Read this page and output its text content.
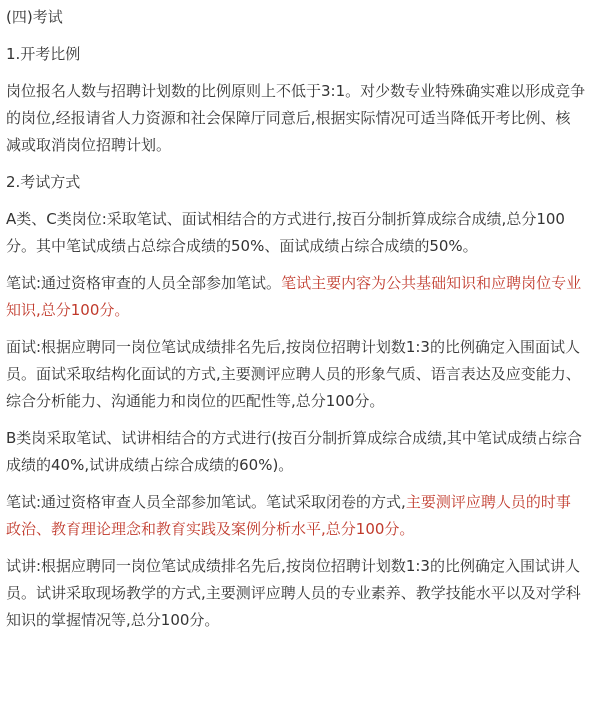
(四)考试
1.开考比例
岗位报名人数与招聘计划数的比例原则上不低于3:1。对少数专业特殊确实难以形成竞争
的岗位,经报请省人力资源和社会保障厅同意后,根据实际情况可适当降低开考比例、核
减或取消岗位招聘计划。
2.考试方式
A类、C类岗位:采取笔试、面试相结合的方式进行,按百分制折算成综合成绩,总分100
分。其中笔试成绩占总综合成绩的50%、面试成绩占综合成绩的50%。
笔试:通过资格审查的人员全部参加笔试。笔试主要内容为公共基础知识和应聘岗位专业
知识,总分100分。
面试:根据应聘同一岗位笔试成绩排名先后,按岗位招聘计划数1:3的比例确定入围面试人
员。面试采取结构化面试的方式,主要测评应聘人员的形象气质、语言表达及应变能力、
综合分析能力、沟通能力和岗位的匹配性等,总分100分。
B类岗采取笔试、试讲相结合的方式进行(按百分制折算成综合成绩,其中笔试成绩占综合
成绩的40%,试讲成绩占综合成绩的60%)。
笔试:通过资格审查人员全部参加笔试。笔试采取闭卷的方式,主要测评应聘人员的时事
政治、教育理论理念和教育实践及案例分析水平,总分100分。
试讲:根据应聘同一岗位笔试成绩排名先后,按岗位招聘计划数1:3的比例确定入围试讲人
员。试讲采取现场教学的方式,主要测评应聘人员的专业素养、教学技能水平以及对学科
知识的掌握情况等,总分100分。
